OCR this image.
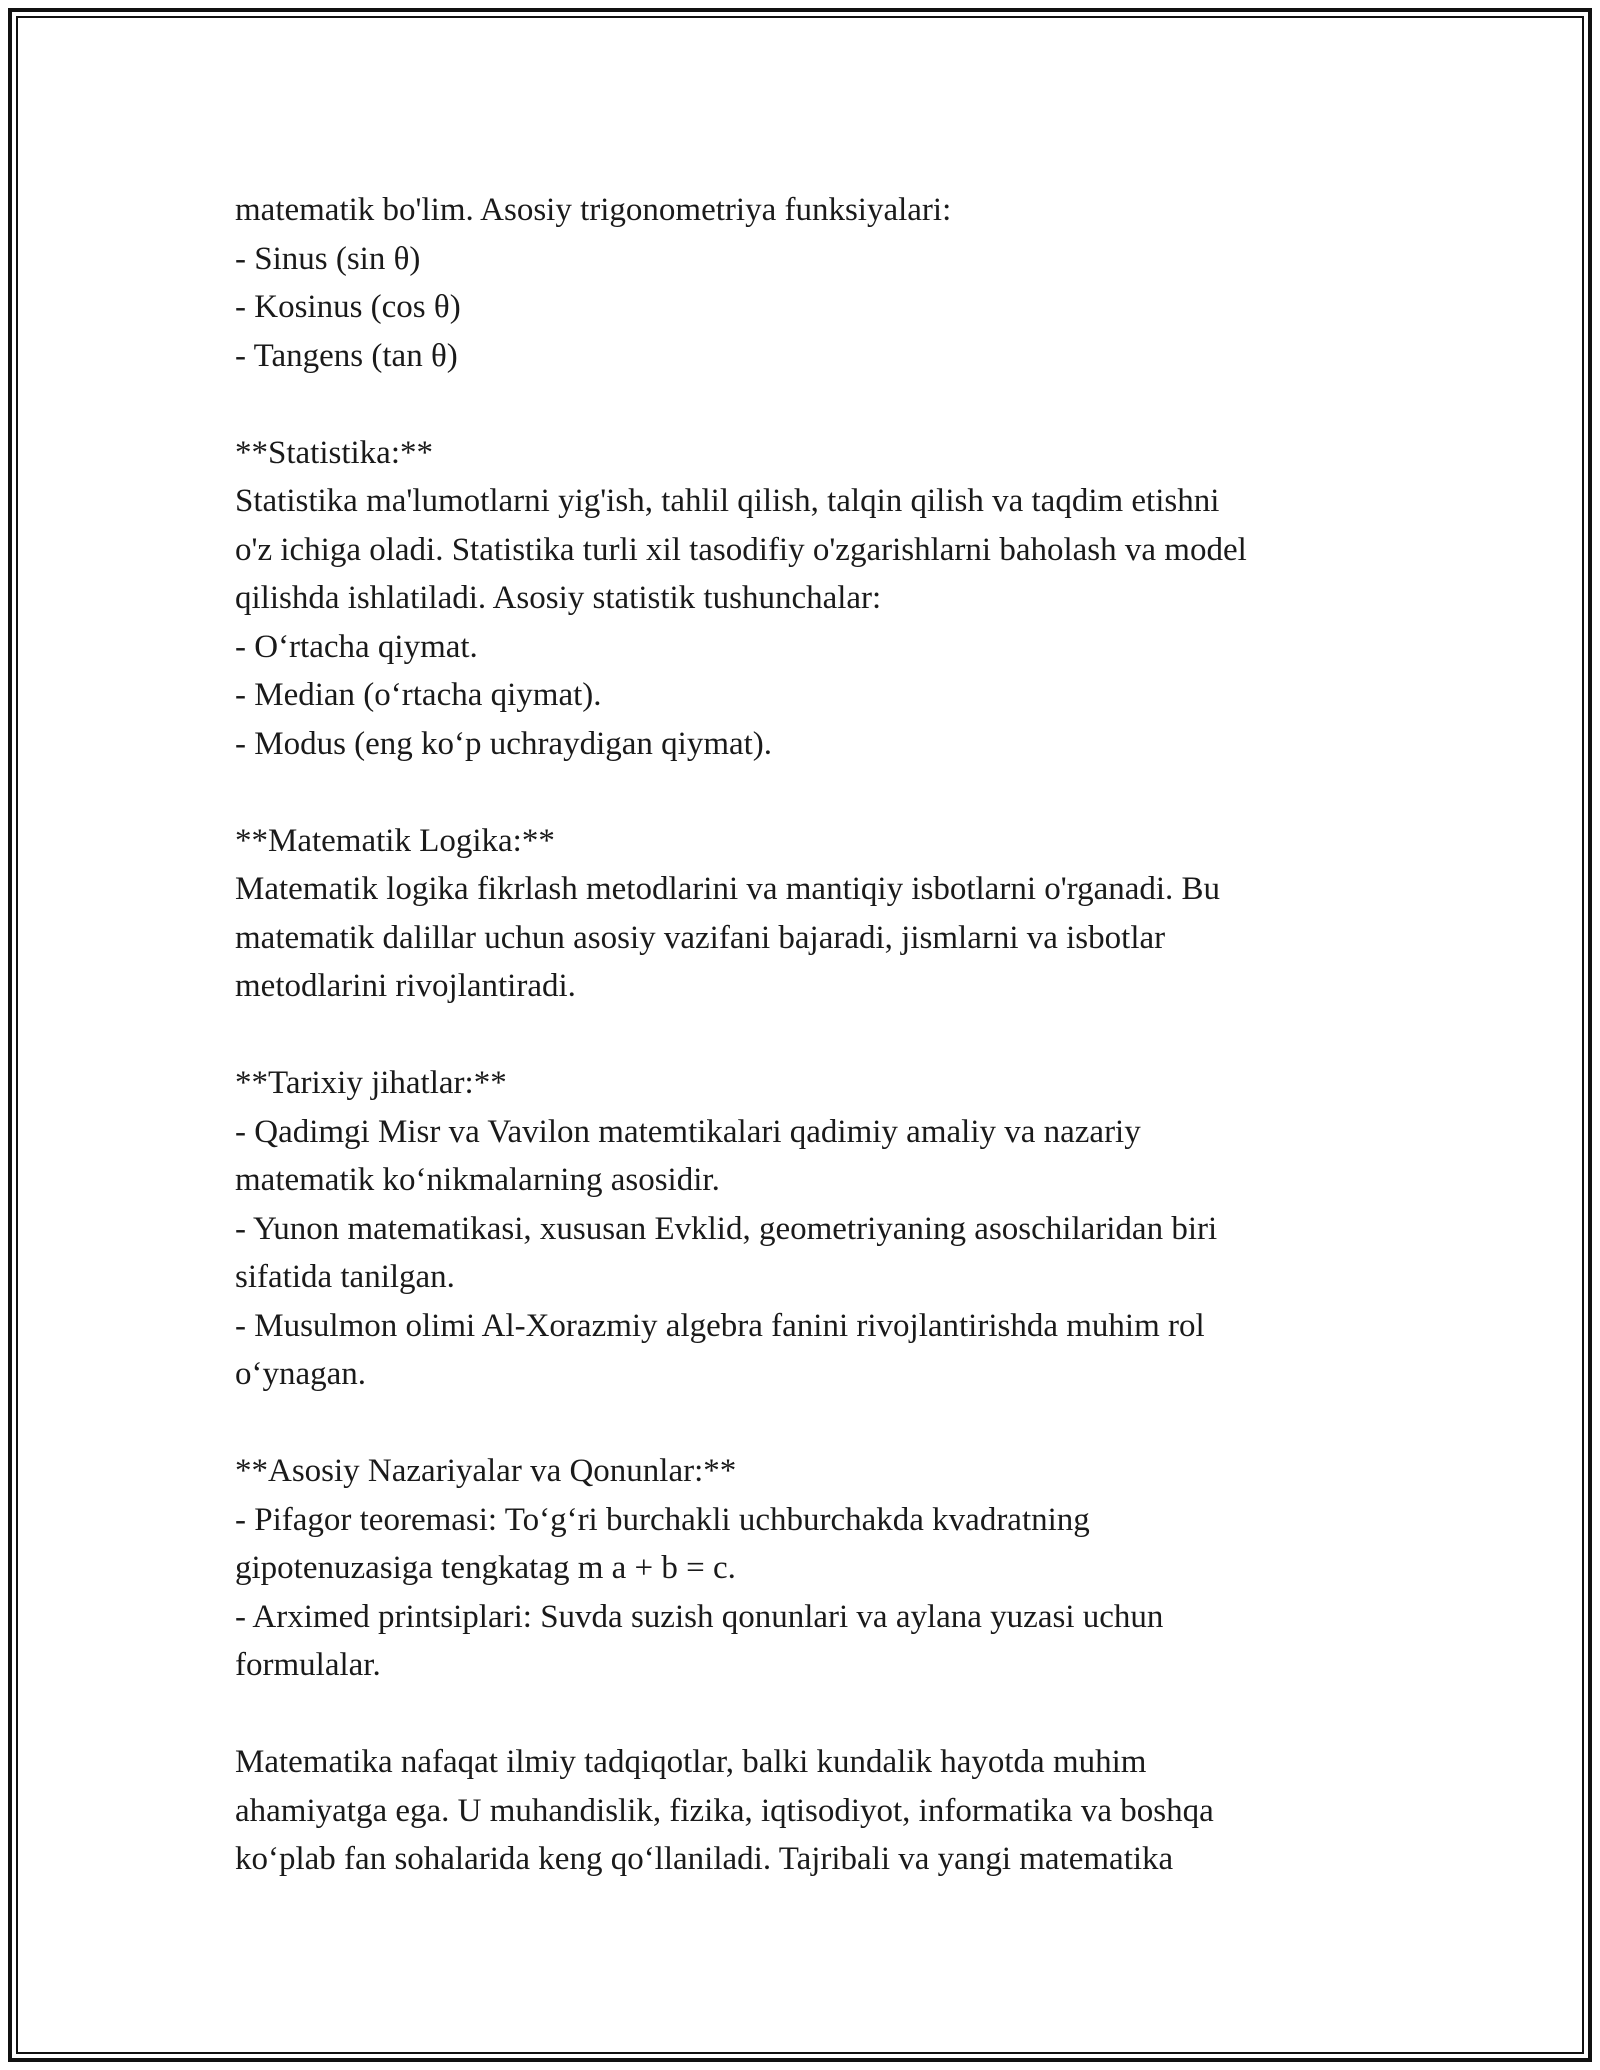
matematik bo'lim. Asosiy trigonometriya funksiyalari:
- Sinus (sin θ)
- Kosinus (cos θ)
- Tangens (tan θ)
**Statistika:**
Statistika ma'lumotlarni yig'ish, tahlil qilish, talqin qilish va taqdim etishni
o'z ichiga oladi. Statistika turli xil tasodifiy o'zgarishlarni baholash va model
qilishda ishlatiladi. Asosiy statistik tushunchalar:
- O‘rtacha qiymat.
- Median (o‘rtacha qiymat).
- Modus (eng ko‘p uchraydigan qiymat).
**Matematik Logika:**
Matematik logika fikrlash metodlarini va mantiqiy isbotlarni o'rganadi. Bu
matematik dalillar uchun asosiy vazifani bajaradi, jismlarni va isbotlar
metodlarini rivojlantiradi.
**Tarixiy jihatlar:**
- Qadimgi Misr va Vavilon matemtikalari qadimiy amaliy va nazariy
matematik ko‘nikmalarning asosidir.
- Yunon matematikasi, xususan Evklid, geometriyaning asoschilaridan biri
sifatida tanilgan.
- Musulmon olimi Al-Xorazmiy algebra fanini rivojlantirishda muhim rol
o‘ynagan.
**Asosiy Nazariyalar va Qonunlar:**
- Pifagor teoremasi: To‘g‘ri burchakli uchburchakda kvadratning
gipotenuzasiga tengkatag m a + b = c.
- Arximed printsiplari: Suvda suzish qonunlari va aylana yuzasi uchun
formulalar.
Matematika nafaqat ilmiy tadqiqotlar, balki kundalik hayotda muhim
ahamiyatga ega. U muhandislik, fizika, iqtisodiyot, informatika va boshqa
ko‘plab fan sohalarida keng qo‘llaniladi. Tajribali va yangi matematika
